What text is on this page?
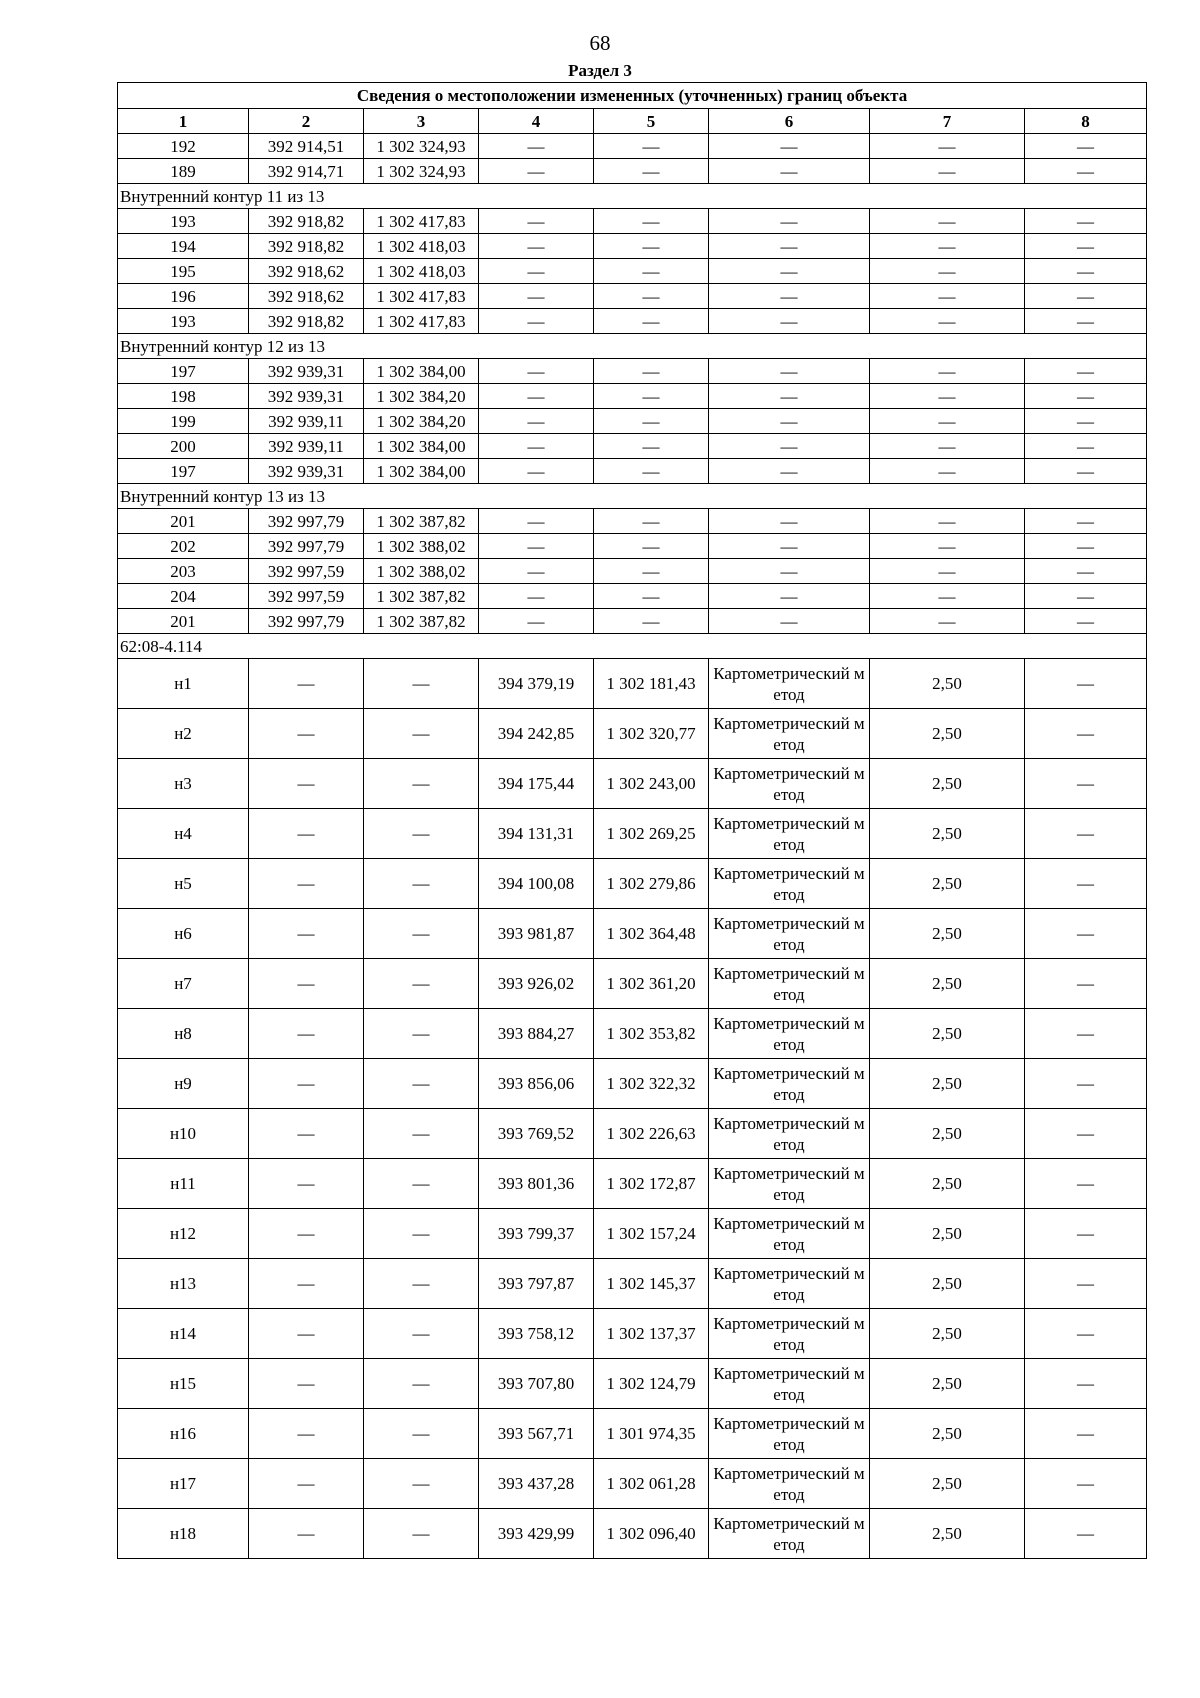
68
Раздел 3
Сведения о местоположении измененных (уточненных) границ объекта							
1	2	3	4	5	6	7	8
192	392 914,51	1 302 324,93	—	—	—	—	—
189	392 914,71	1 302 324,93	—	—	—	—	—
Внутренний контур 11 из 13							
193	392 918,82	1 302 417,83	—	—	—	—	—
194	392 918,82	1 302 418,03	—	—	—	—	—
195	392 918,62	1 302 418,03	—	—	—	—	—
196	392 918,62	1 302 417,83	—	—	—	—	—
193	392 918,82	1 302 417,83	—	—	—	—	—
Внутренний контур 12 из 13							
197	392 939,31	1 302 384,00	—	—	—	—	—
198	392 939,31	1 302 384,20	—	—	—	—	—
199	392 939,11	1 302 384,20	—	—	—	—	—
200	392 939,11	1 302 384,00	—	—	—	—	—
197	392 939,31	1 302 384,00	—	—	—	—	—
Внутренний контур 13 из 13							
201	392 997,79	1 302 387,82	—	—	—	—	—
202	392 997,79	1 302 388,02	—	—	—	—	—
203	392 997,59	1 302 388,02	—	—	—	—	—
204	392 997,59	1 302 387,82	—	—	—	—	—
201	392 997,79	1 302 387,82	—	—	—	—	—
62:08-4.114							
н1	—	—	394 379,19	1 302 181,43	Картометрический метод	2,50	—
н2	—	—	394 242,85	1 302 320,77	Картометрический метод	2,50	—
н3	—	—	394 175,44	1 302 243,00	Картометрический метод	2,50	—
н4	—	—	394 131,31	1 302 269,25	Картометрический метод	2,50	—
н5	—	—	394 100,08	1 302 279,86	Картометрический метод	2,50	—
н6	—	—	393 981,87	1 302 364,48	Картометрический метод	2,50	—
н7	—	—	393 926,02	1 302 361,20	Картометрический метод	2,50	—
н8	—	—	393 884,27	1 302 353,82	Картометрический метод	2,50	—
н9	—	—	393 856,06	1 302 322,32	Картометрический метод	2,50	—
н10	—	—	393 769,52	1 302 226,63	Картометрический метод	2,50	—
н11	—	—	393 801,36	1 302 172,87	Картометрический метод	2,50	—
н12	—	—	393 799,37	1 302 157,24	Картометрический метод	2,50	—
н13	—	—	393 797,87	1 302 145,37	Картометрический метод	2,50	—
н14	—	—	393 758,12	1 302 137,37	Картометрический метод	2,50	—
н15	—	—	393 707,80	1 302 124,79	Картометрический метод	2,50	—
н16	—	—	393 567,71	1 301 974,35	Картометрический метод	2,50	—
н17	—	—	393 437,28	1 302 061,28	Картометрический метод	2,50	—
н18	—	—	393 429,99	1 302 096,40	Картометрический метод	2,50	—
